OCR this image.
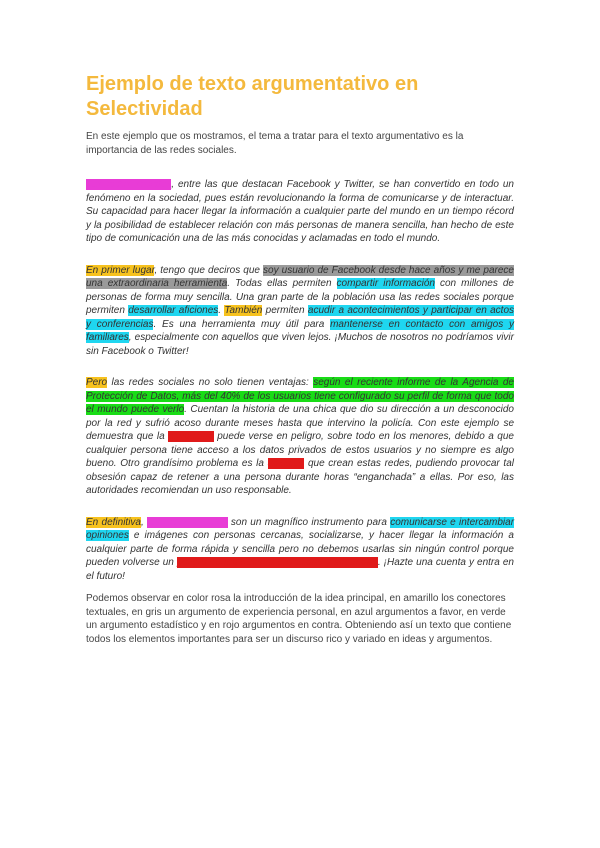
Ejemplo de texto argumentativo en Selectividad

En este ejemplo que os mostramos, el tema a tratar para el texto argumentativo es la importancia de las redes sociales.

Las redes sociales, entre las que destacan Facebook y Twitter, se han convertido en todo un fenómeno en la sociedad, pues están revolucionando la forma de comunicarse y de interactuar. Su capacidad para hacer llegar la información a cualquier parte del mundo en un tiempo récord y la posibilidad de establecer relación con más personas de manera sencilla, han hecho de este tipo de comunicación una de las más conocidas y aclamadas en todo el mundo.

En primer lugar, tengo que deciros que soy usuario de Facebook desde hace años y me parece una extraordinaria herramienta. Todas ellas permiten compartir información con millones de personas de forma muy sencilla. Una gran parte de la población usa las redes sociales porque permiten desarrollar aficiones. También permiten acudir a acontecimientos y participar en actos y conferencias. Es una herramienta muy útil para mantenerse en contacto con amigos y familiares, especialmente con aquellos que viven lejos. ¡Muchos de nosotros no podríamos vivir sin Facebook o Twitter!

Pero las redes sociales no solo tienen ventajas: según el reciente informe de la Agencia de Protección de Datos, más del 40% de los usuarios tiene configurado su perfil de forma que todo el mundo puede verlo. Cuentan la historia de una chica que dio su dirección a un desconocido por la red y sufrió acoso durante meses hasta que intervino la policía. Con este ejemplo se demuestra que la privacidad puede verse en peligro, sobre todo en los menores, debido a que cualquier persona tiene acceso a los datos privados de estos usuarios y no siempre es algo bueno. Otro grandísimo problema es la adicción que crean estas redes, pudiendo provocar tal obsesión capaz de retener a una persona durante horas “enganchada” a ellas. Por eso, las autoridades recomiendan un uso responsable.

En definitiva, las redes sociales son un magnífico instrumento para comunicarse e intercambiar opiniones e imágenes con personas cercanas, socializarse, y hacer llegar la información a cualquier parte de forma rápida y sencilla pero no debemos usarlas sin ningún control porque pueden volverse un peligro contra nuestra privacidad y seguridad. ¡Hazte una cuenta y entra en el futuro!

Podemos observar en color rosa la introducción de la idea principal, en amarillo los conectores textuales, en gris un argumento de experiencia personal, en azul argumentos a favor, en verde un argumento estadístico y en rojo argumentos en contra. Obteniendo así un texto que contiene todos los elementos importantes para ser un discurso rico y variado en ideas y argumentos.
